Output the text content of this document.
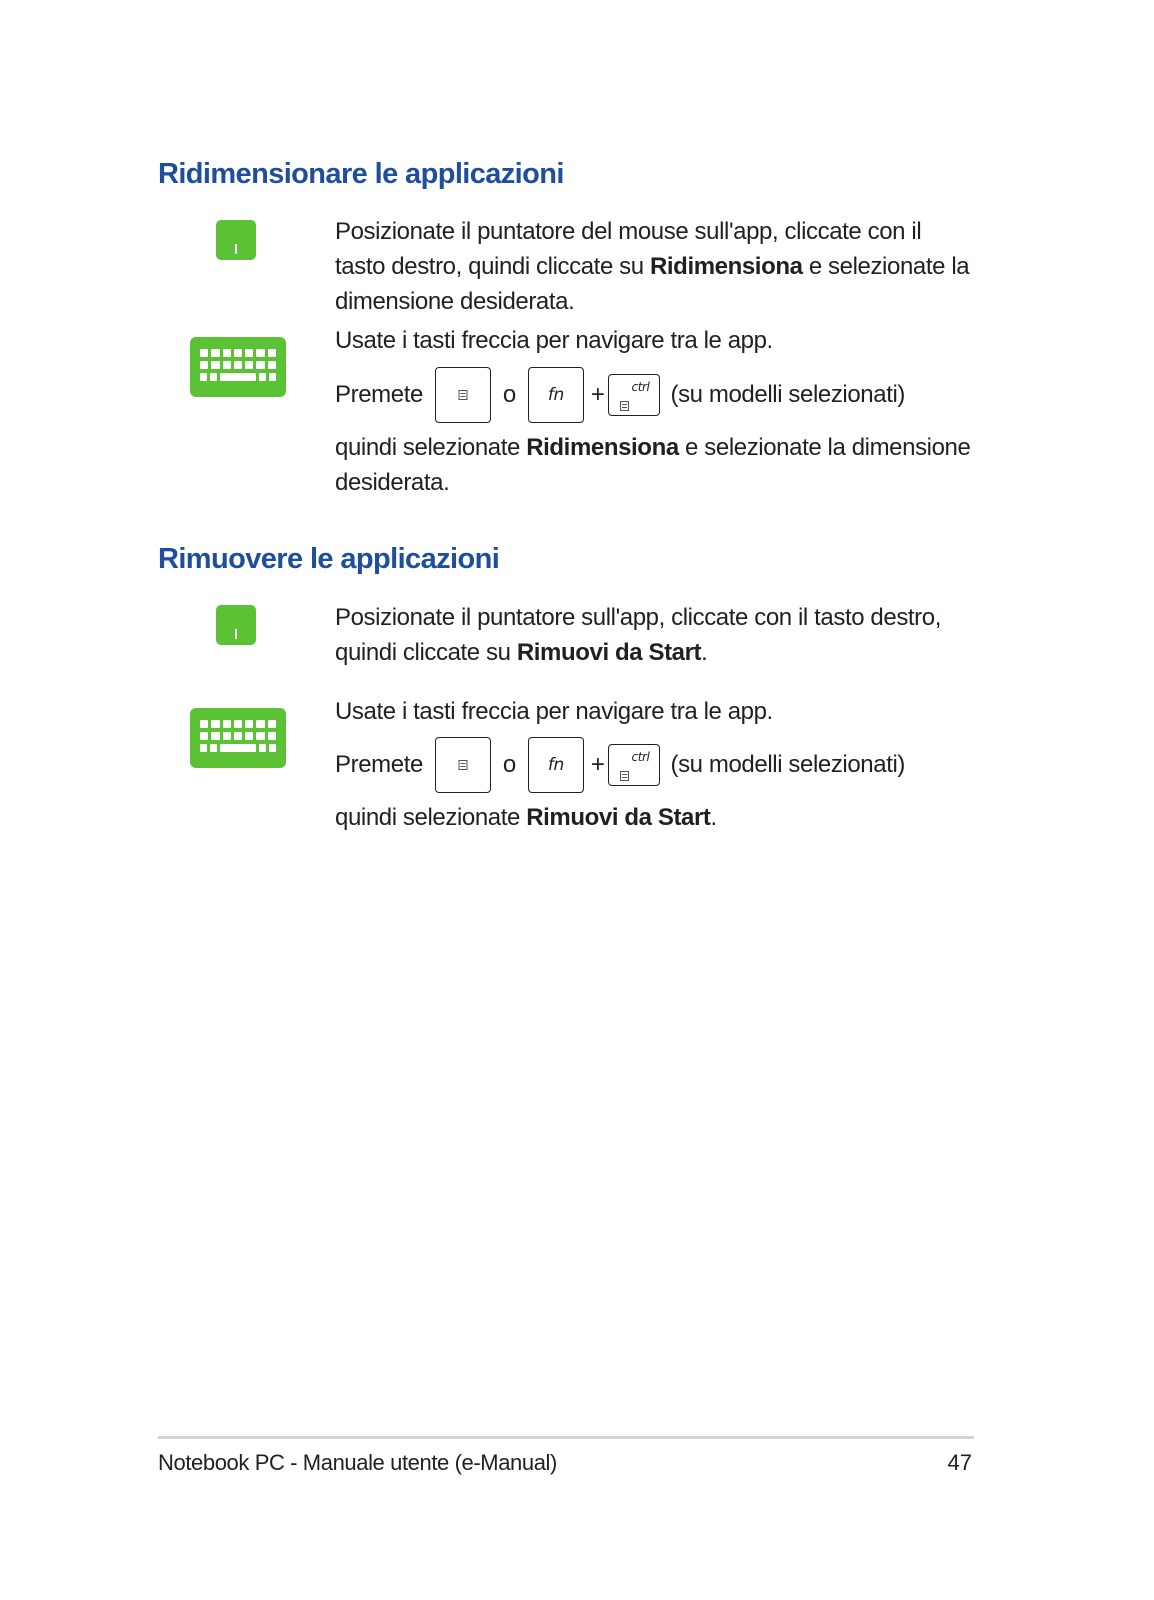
Ridimensionare le applicazioni

Posizionate il puntatore del mouse sull'app, cliccate con il tasto destro, quindi cliccate su Ridimensiona e selezionate la dimensione desiderata.

Usate i tasti freccia per navigare tra le app.

Premete	o	fn	+ ctrl (su modelli selezionati)

quindi selezionate Ridimensiona e selezionate la dimensione desiderata.

Rimuovere le applicazioni

Posizionate il puntatore sull'app, cliccate con il tasto destro, quindi cliccate su Rimuovi da Start.

Usate i tasti freccia per navigare tra le app.

Premete	o	fn	+ ctrl (su modelli selezionati)

quindi selezionate Rimuovi da Start.

Notebook PC - Manuale utente (e-Manual)	47
